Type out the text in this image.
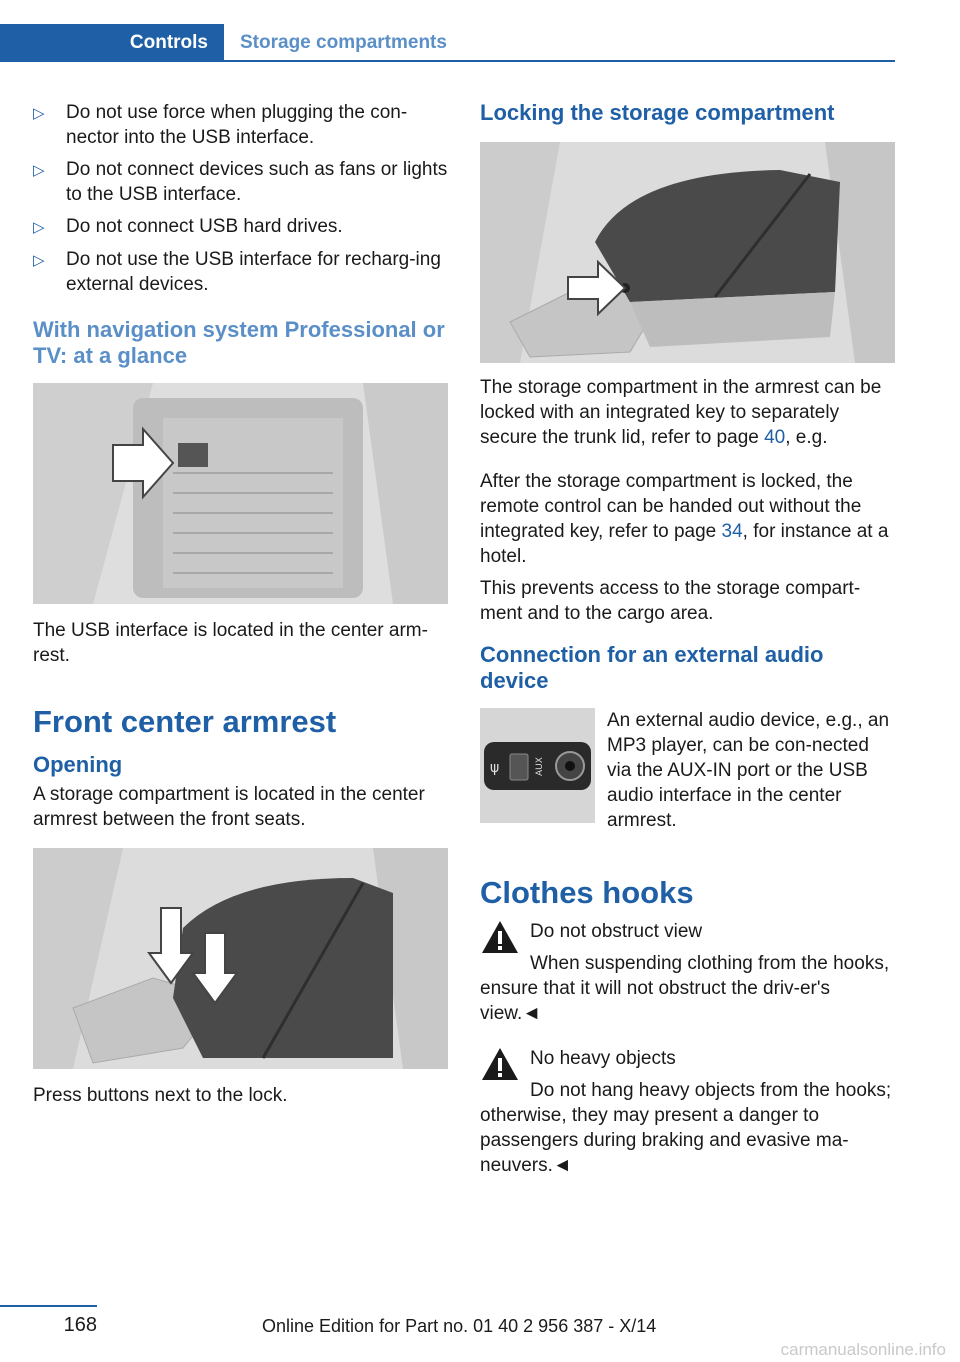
Controls	Storage compartments
▷	Do not use force when plugging the con‐nector into the USB interface.
▷	Do not connect devices such as fans or lights to the USB interface.
▷	Do not connect USB hard drives.
▷	Do not use the USB interface for recharg‐ing external devices.
With navigation system Professional or TV: at a glance
The USB interface is located in the center arm‐rest.
Front center armrest
Opening
A storage compartment is located in the center armrest between the front seats.
Press buttons next to the lock.
Locking the storage compartment
The storage compartment in the armrest can be locked with an integrated key to separately secure the trunk lid, refer to page 40, e.g.
After the storage compartment is locked, the remote control can be handed out without the integrated key, refer to page 34, for instance at a hotel.
This prevents access to the storage compart‐ment and to the cargo area.
Connection for an external audio device
ψ	AUX
An external audio device, e.g., an MP3 player, can be con‐nected via the AUX-IN port or the USB audio interface in the center armrest.
Clothes hooks
Do not obstruct view
When suspending clothing from the hooks, ensure that it will not obstruct the driv‐er's view.◄
No heavy objects
Do not hang heavy objects from the hooks; otherwise, they may present a danger to passengers during braking and evasive ma‐neuvers.◄
168	Online Edition for Part no. 01 40 2 956 387 - X/14
carmanualsonline.info
